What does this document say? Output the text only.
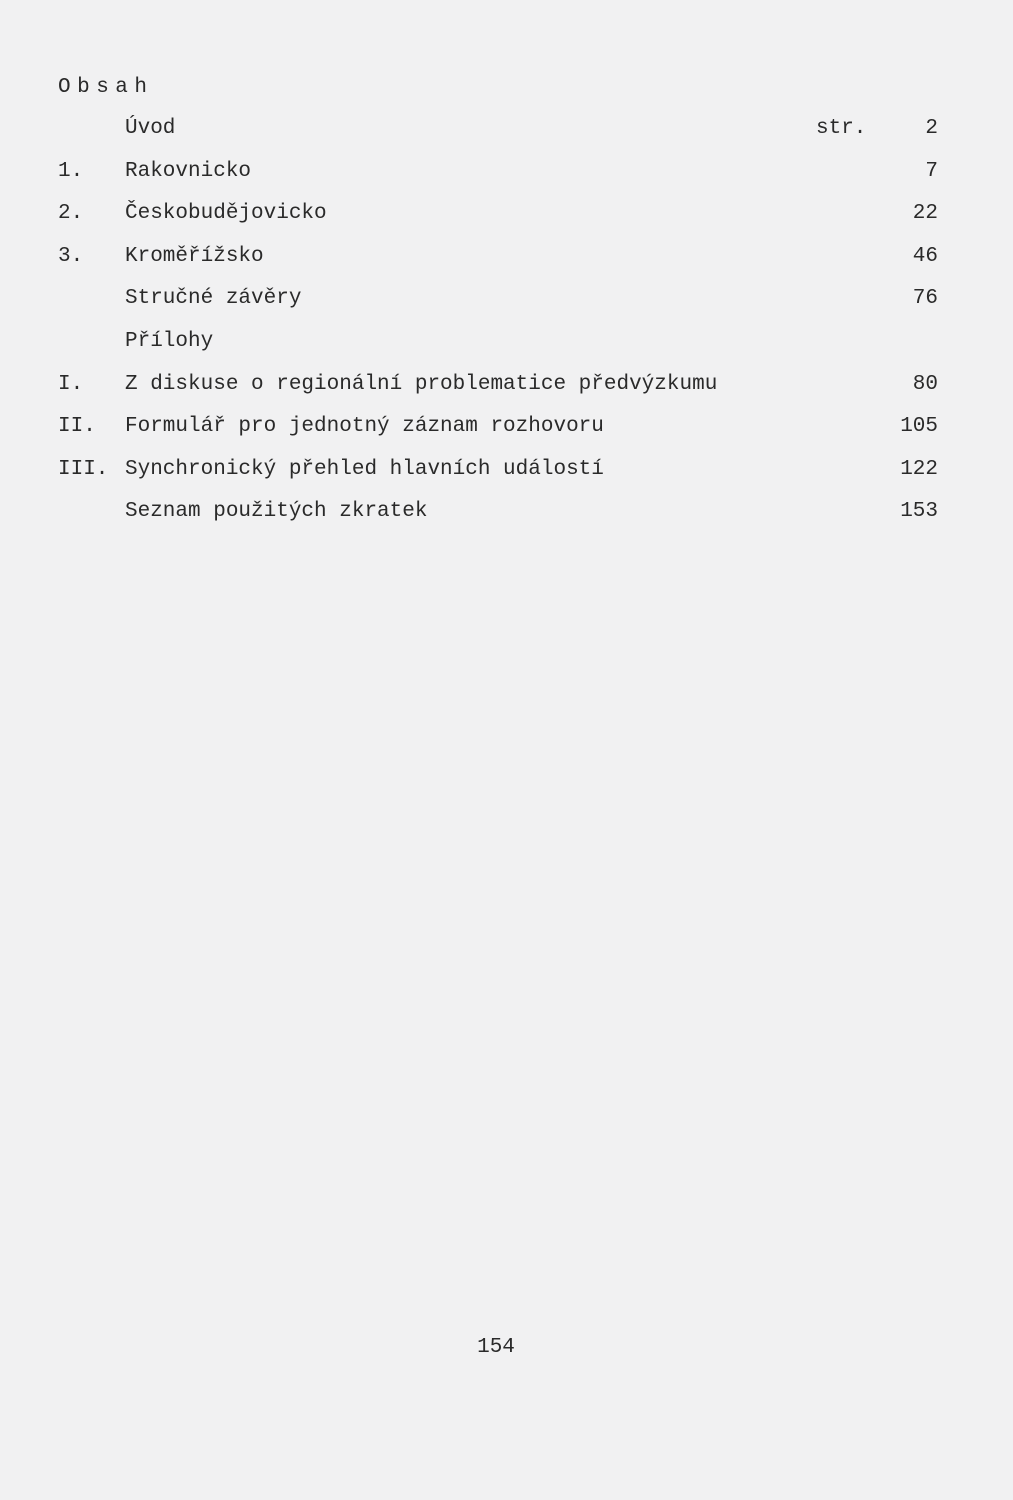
Obsah
Úvod	str.	2
1. Rakovnicko	7
2. Českobudějovicko	22
3. Kroměřížsko	46
Stručné závěry	76
Přílohy
I. Z diskuse o regionální problematice předvýzkumu	80
II. Formulář pro jednotný záznam rozhovoru	105
III. Synchronický přehled hlavních událostí	122
Seznam použitých zkratek	153
154
